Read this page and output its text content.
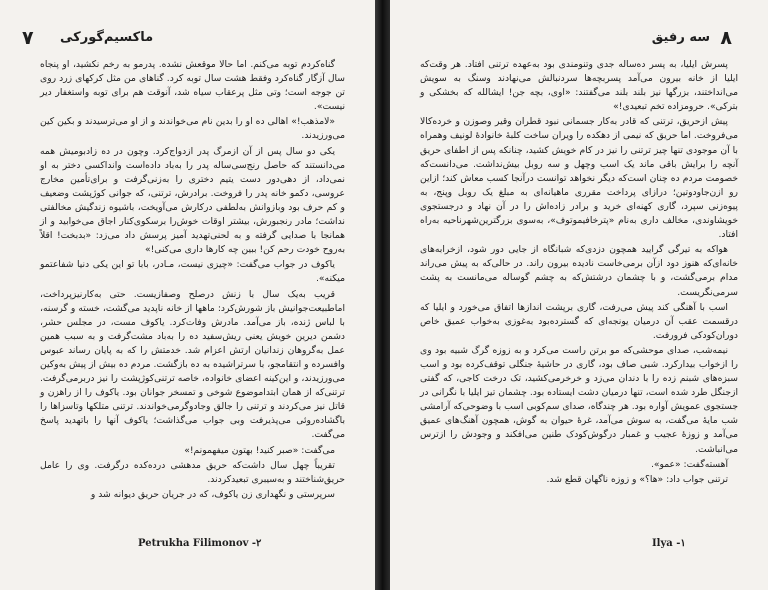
۷ ماکسیم‌گورکی

گناه‌کردم توبه می‌کنم. اما حالا موقعش نشده. پدرمو به رخم نکشید، او پنجاه سال آزگار گناه‌کرد وفقط هشت سال توبه کرد. گناهای من مثل کرکهای زرد روی تن جوجه است؛ وتی مثل پرعقاب سیاه شد، آنوقت هم برای توبه واستغفار دیر نیست».

«لامذهب!» اهالی ده او را بدین نام می‌خواندند و از او می‌ترسیدند و بکین کین می‌ورزیدند.

یکی دو سال پس از آن ازمرگ پدر ازدواج‌کرد. وچون در ده زادبومیش همه می‌دانستند که حاصل رنج‌سی‌ساله پدر را به‌باد داده‌است وانداکسی دختر به او نمی‌داد، از دهی‌دور دست یتیم دختری را بەزنی‌گرفت و برای‌تأمین مخارج عروسی، دکمو خانه پدر را فروخت. برادرش، ترتنی، که جوانی کوژپشت وضعیف و کم حرف بود وبازوانش بەلطفی درکارش می‌آویخت، باشیوه زندگیش مخالفتی نداشت؛ مادر رنجبورش، بیشتر اوقات خوش‌را برسکوی‌کنار اجاق می‌خوابید و از همانجا با صدایی گرفته و به لحنی‌تهدید آمیز پرسش داد می‌زد: «بدبخت! اقلاً بەروح خودت رحم کن! ببین چه کارها داری می‌کنی!»

یاکوف در جواب می‌گفت: «چیزی نیست، مـادر، بابا تو این یکی دنیا شفاعتمو میکنه».

قریب بەیک سال با زنش درصلح وصفازیست. حتی به‌کارنیزپرداخت، اماطبیعت‌جوانیش باز شورش‌کرد: ماهها از خانه ناپدید می‌گشت، خسته و گرسنه، با لباس ژنده، باز می‌آمد. مادرش وفات‌کرد. یاکوف مست، در مجلس حشر، دشمن دیرین خویش یعنی ریش‌سفید ده را بەباد مشت‌گرفت و به سبب همین عمل به‌گروهان زندانیان ارتش اعزام شد. خدمتش را که به پایان رساند عبوس وافسرده و انتقامجو، با سرتراشیده به ده بازگشت. مردم ده بیش از پیش بەوکین می‌ورزیدند، و این‌کینه اعضای خانواده، خاصه ترتنی‌کوژپشت را نیز دربرمی‌گرفت. ترتنی‌که از همان ابتداموضوع شوخی و تمسخر جوانان بود. یاکوف را از راهزن و قاتل نیز می‌کردند و ترتنی را جالق وجادوگرمی‌خواندند. ترتنی متلکها وتاسزاها را باگشاده‌روئی می‌پذیرفت وبی جواب می‌گذاشت؛ یاکوف آنها را باتهدید پاسخ می‌گفت.

می‌گفت: «صبر کنید! بهتون میفهمونم!»

تقریباً چهل سال داشت‌که حریق مدهشی درده‌کده درگرفت. وی را عامل حریق‌شناختند و به‌سیبری تبعیدکردند.

سرپرستی و نگهداری زن یاکوف، که در جریان حریق دیوانه شد و

Petrukha Filimonov -۲
۸
سه رفیق

پسرش ایلیا، به پسر دەسالە جدی وتنومندی بود به‌عهده ترتنی افتاد. هر وقت‌که ایلیا از خانه بیرون می‌آمد پسربچه‌ها سردنبالش می‌نهادند وسنگ به سویش می‌انداختند، بزرگها نیز بلند بلند می‌گفتند: «اوی، بچه جن! ایشالله که بخشکی و بترکی». حرومزاده تخم تبعیدی!»

پیش ازحریق، ترتنی که قادر به‌کار جسمانی نبود قطران وقیر وصوزن و خرده‌کالا می‌فروخت. اما حریق که نیمی از دهکده را ویران ساخت کلبهٔ خانوادهٔ لونیف وهمراه با آن موجودی تنها چیز ترتنی را نیز در کام خویش کشید، چنانکه پس از اطفای حریق آنچه را برایش باقی ماند یک اسب وچهل و سه روبل بیش‌نداشت. می‌دانست‌که خصومت مردم ده چنان است‌که دیگر نخواهد توانست درآنجا کسب معاش کند؛ ازاین رو ازن‌جاودوتین؛ درازای پرداخت مقرری ماهیانه‌ای به مبلغ یک روبل وپنج، به پیوه‌زنی سپرد، گاری کهنه‌ای خرید و برادر زاده‌اش را در آن نهاد و درجستجوی خویشاوندی، مخالف داری بەنام «پترخافیموتوف»، بەسوی بزرگترین‌شهرناحیه بەراه افتاد.

هواکه به تیرگی گرایید همچون دزدی‌که شبانگاه از جایی دور شود، ازخرابه‌های خانه‌ای‌که هنوز دود ازآن برمی‌خاست نادیده بیرون راند. در حالی‌که به پیش می‌راند مدام برمی‌گشت، و با چشمان درشتش‌که به چشم گوساله می‌مانست به پشت سرمی‌نگریست.

اسب با آهنگی کند پیش می‌رفت، گاری برپشت اندازها اتفاق می‌خورد و ایلیا که درقسمت عقب آن درمیان یونجه‌ای که گسترده‌بود به‌غوزی بەخواب عمیق خاص دوران‌کودکی فرورفت.

نیمه‌شب، صدای موحشی‌که مو برتن راست می‌کرد و به زوزه گرگ شبیه بود وی را ازخواب بیدارکرد. شبی صاف بود، گاری در حاشیهٔ جنگلی توقف‌کرده بود و اسب سبزه‌های شبنم زده را با دندان می‌زد و خرخرمی‌کشید، تک درخت کاجی، که گفتی ازجنگل طرد شده است، تنها درمیان دشت ایستاده بود. چشمان تیز ایلیا با نگرانی در جستجوی عمویش آواره بود. هر چندگاه، صدای سم‌کوبی اسب با وضوحی‌که آرامشی شب مایهٔ می‌گفت، به سوش می‌آمد، غرهٔ حیوان به گوش، همچون آهنگ‌های عمیق می‌آمد و زوزهٔ عجیب و غمبار درگوش‌کودک طنین می‌افکند و وجودش را ازترس می‌انباشت.

آهسته‌گفت: «عمو».

ترتنی جواب داد: «ها؟» و زوزه ناگهان قطع شد.

Ilya -۱
